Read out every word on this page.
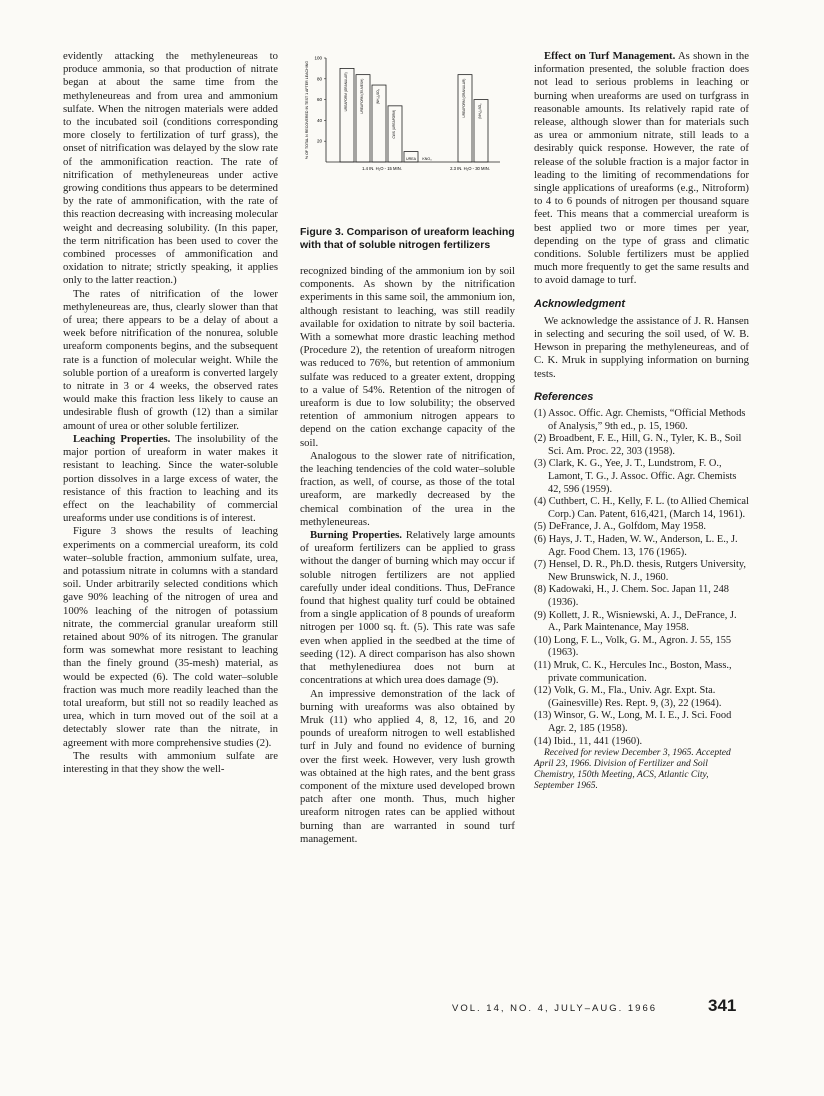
evidently attacking the methyleneureas to produce ammonia, so that production of nitrate began at about the same time from the methyleneureas and from urea and ammonium sulfate. When the nitrogen materials were added to the incubated soil (conditions corresponding more closely to fertilization of turf grass), the onset of nitrification was delayed by the slow rate of the ammonification reaction. The rate of nitrification of methyleneureas under active growing conditions thus appears to be determined by the rate of ammonification, with the rate of this reaction decreasing with increasing molecular weight and decreasing solubility. (In this paper, the term nitrification has been used to cover the combined processes of ammonification and oxidation to nitrate; strictly speaking, it applies only to the latter reaction.)

The rates of nitrification of the lower methyleneureas are, thus, clearly slower than that of urea; there appears to be a delay of about a week before nitrification of the nonurea, soluble ureaform components begins, and the subsequent rate is a function of molecular weight. While the soluble portion of a ureaform is converted largely to nitrate in 3 or 4 weeks, the observed rates would make this fraction less likely to cause an undesirable flush of growth (12) than a similar amount of urea or other soluble fertilizer.

Leaching Properties. The insolubility of the major portion of ureaform in water makes it resistant to leaching. Since the water-soluble portion dissolves in a large excess of water, the resistance of this fraction to leaching and its effect on the leachability of commercial ureaforms under use conditions is of interest.

Figure 3 shows the results of leaching experiments on a commercial ureaform, its cold water–soluble fraction, ammonium sulfate, urea, and potassium nitrate in columns with a standard soil. Under arbitrarily selected conditions which gave 90% leaching of the nitrogen of urea and 100% leaching of the nitrogen of potassium nitrate, the commercial granular ureaform still retained about 90% of its nitrogen. The granular form was somewhat more resistant to leaching than the finely ground (35-mesh) material, as would be expected (6). The cold water–soluble fraction was much more readily leached than the total ureaform, but still not so readily leached as urea, which in turn moved out of the soil at a detectably slower rate than the nitrate, in agreement with more comprehensive studies (2).

The results with ammonium sulfate are interesting in that they show the well-

% OF TOTAL N RECOVERED IN TEST 1 AFTER LEACHING
100
80
60
40
20
UREAFORM (GRANULAR)	UREAFORM (35-MESH)	(NH₄)₂SO₄
CWS (UREAFORM)
UREA KNO₃
UREAFORM (GRANULAR)	(NH₄)₂SO₄
1.4 IN. H₂O - 15 MIN.	2.3 IN. H₂O - 30 MIN.
Figure 3. Comparison of ureaform leaching with that of soluble nitrogen fertilizers

recognized binding of the ammonium ion by soil components. As shown by the nitrification experiments in this same soil, the ammonium ion, although resistant to leaching, was still readily available for oxidation to nitrate by soil bacteria. With a somewhat more drastic leaching method (Procedure 2), the retention of ureaform nitrogen was reduced to 76%, but retention of ammonium sulfate was reduced to a greater extent, dropping to a value of 54%. Retention of the nitrogen of ureaform is due to low solubility; the observed retention of ammonium nitrogen appears to depend on the cation exchange capacity of the soil.

Analogous to the slower rate of nitrification, the leaching tendencies of the cold water–soluble fraction, as well, of course, as those of the total ureaform, are markedly decreased by the chemical combination of the urea in the methyleneureas.

Burning Properties. Relatively large amounts of ureaform fertilizers can be applied to grass without the danger of burning which may occur if soluble nitrogen fertilizers are not applied carefully under ideal conditions. Thus, DeFrance found that highest quality turf could be obtained from a single application of 8 pounds of ureaform nitrogen per 1000 sq. ft. (5). This rate was safe even when applied in the seedbed at the time of seeding (12). A direct comparison has also shown that methylenediurea does not burn at concentrations at which urea does damage (9).

An impressive demonstration of the lack of burning with ureaforms was also obtained by Mruk (11) who applied 4, 8, 12, 16, and 20 pounds of ureaform nitrogen to well established turf in July and found no evidence of burning over the first week. However, very lush growth was obtained at the high rates, and the bent grass component of the mixture used developed brown patch after one month. Thus, much higher ureaform nitrogen rates can be applied without burning than are warranted in sound turf management.

Effect on Turf Management. As shown in the information presented, the soluble fraction does not lead to serious problems in leaching or burning when ureaforms are used on turfgrass in reasonable amounts. Its relatively rapid rate of release, although slower than for materials such as urea or ammonium nitrate, still leads to a desirably quick response. However, the rate of release of the soluble fraction is a major factor in leading to the limiting of recommendations for single applications of ureaforms (e.g., Nitroform) to 4 to 6 pounds of nitrogen per thousand square feet. This means that a commercial ureaform is best applied two or more times per year, depending on the type of grass and climatic conditions. Soluble fertilizers must be applied much more frequently to get the same results and to avoid damage to turf.

Acknowledgment

We acknowledge the assistance of J. R. Hansen in selecting and securing the soil used, of W. B. Hewson in preparing the methyleneureas, and of C. K. Mruk in supplying information on burning tests.

References

(1) Assoc. Offic. Agr. Chemists, “Official Methods of Analysis,” 9th ed., p. 15, 1960.

(2) Broadbent, F. E., Hill, G. N., Tyler, K. B., Soil Sci. Am. Proc. 22, 303 (1958).

(3) Clark, K. G., Yee, J. T., Lundstrom, F. O., Lamont, T. G., J. Assoc. Offic. Agr. Chemists 42, 596 (1959).

(4) Cuthbert, C. H., Kelly, F. L. (to Allied Chemical Corp.) Can. Patent, 616,421, (March 14, 1961).

(5) DeFrance, J. A., Golfdom, May 1958.

(6) Hays, J. T., Haden, W. W., Anderson, L. E., J. Agr. Food Chem. 13, 176 (1965).

(7) Hensel, D. R., Ph.D. thesis, Rutgers University, New Brunswick, N. J., 1960.

(8) Kadowaki, H., J. Chem. Soc. Japan 11, 248 (1936).

(9) Kollett, J. R., Wisniewski, A. J., DeFrance, J. A., Park Maintenance, May 1958.

(10) Long, F. L., Volk, G. M., Agron. J. 55, 155 (1963).

(11) Mruk, C. K., Hercules Inc., Boston, Mass., private communication.

(12) Volk, G. M., Fla., Univ. Agr. Expt. Sta. (Gainesville) Res. Rept. 9, (3), 22 (1964).

(13) Winsor, G. W., Long, M. I. E., J. Sci. Food Agr. 2, 185 (1958).

(14) Ibid., 11, 441 (1960).

Received for review December 3, 1965. Accepted April 23, 1966. Division of Fertilizer and Soil Chemistry, 150th Meeting, ACS, Atlantic City, September 1965.

VOL. 14, NO. 4, JULY–AUG. 1966	341
